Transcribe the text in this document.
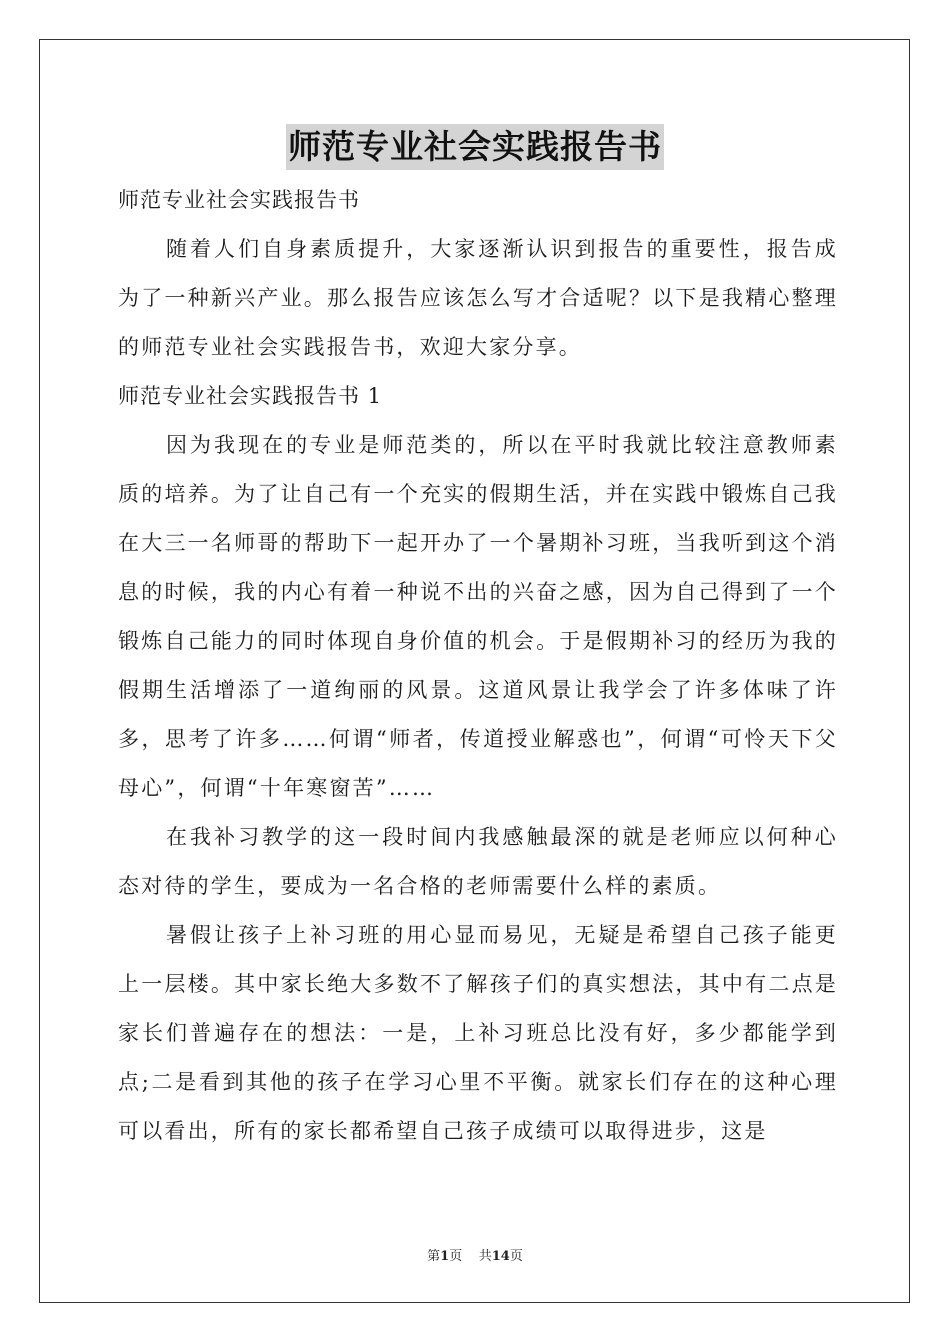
师范专业社会实践报告书

师范专业社会实践报告书

随着人们自身素质提升，大家逐渐认识到报告的重要性，报告成为了一种新兴产业。那么报告应该怎么写才合适呢？以下是我精心整理的师范专业社会实践报告书，欢迎大家分享。

师范专业社会实践报告书 1

因为我现在的专业是师范类的，所以在平时我就比较注意教师素质的培养。为了让自己有一个充实的假期生活，并在实践中锻炼自己我在大三一名师哥的帮助下一起开办了一个暑期补习班，当我听到这个消息的时候，我的内心有着一种说不出的兴奋之感，因为自己得到了一个锻炼自己能力的同时体现自身价值的机会。于是假期补习的经历为我的假期生活增添了一道绚丽的风景。这道风景让我学会了许多体味了许多，思考了许多……何谓“师者，传道授业解惑也”，何谓“可怜天下父母心”，何谓“十年寒窗苦”……

在我补习教学的这一段时间内我感触最深的就是老师应以何种心态对待的学生，要成为一名合格的老师需要什么样的素质。

暑假让孩子上补习班的用心显而易见，无疑是希望自己孩子能更上一层楼。其中家长绝大多数不了解孩子们的真实想法，其中有二点是家长们普遍存在的想法：一是，上补习班总比没有好，多少都能学到点;二是看到其他的孩子在学习心里不平衡。就家长们存在的这种心理可以看出，所有的家长都希望自己孩子成绩可以取得进步，这是

第1页 共14页
